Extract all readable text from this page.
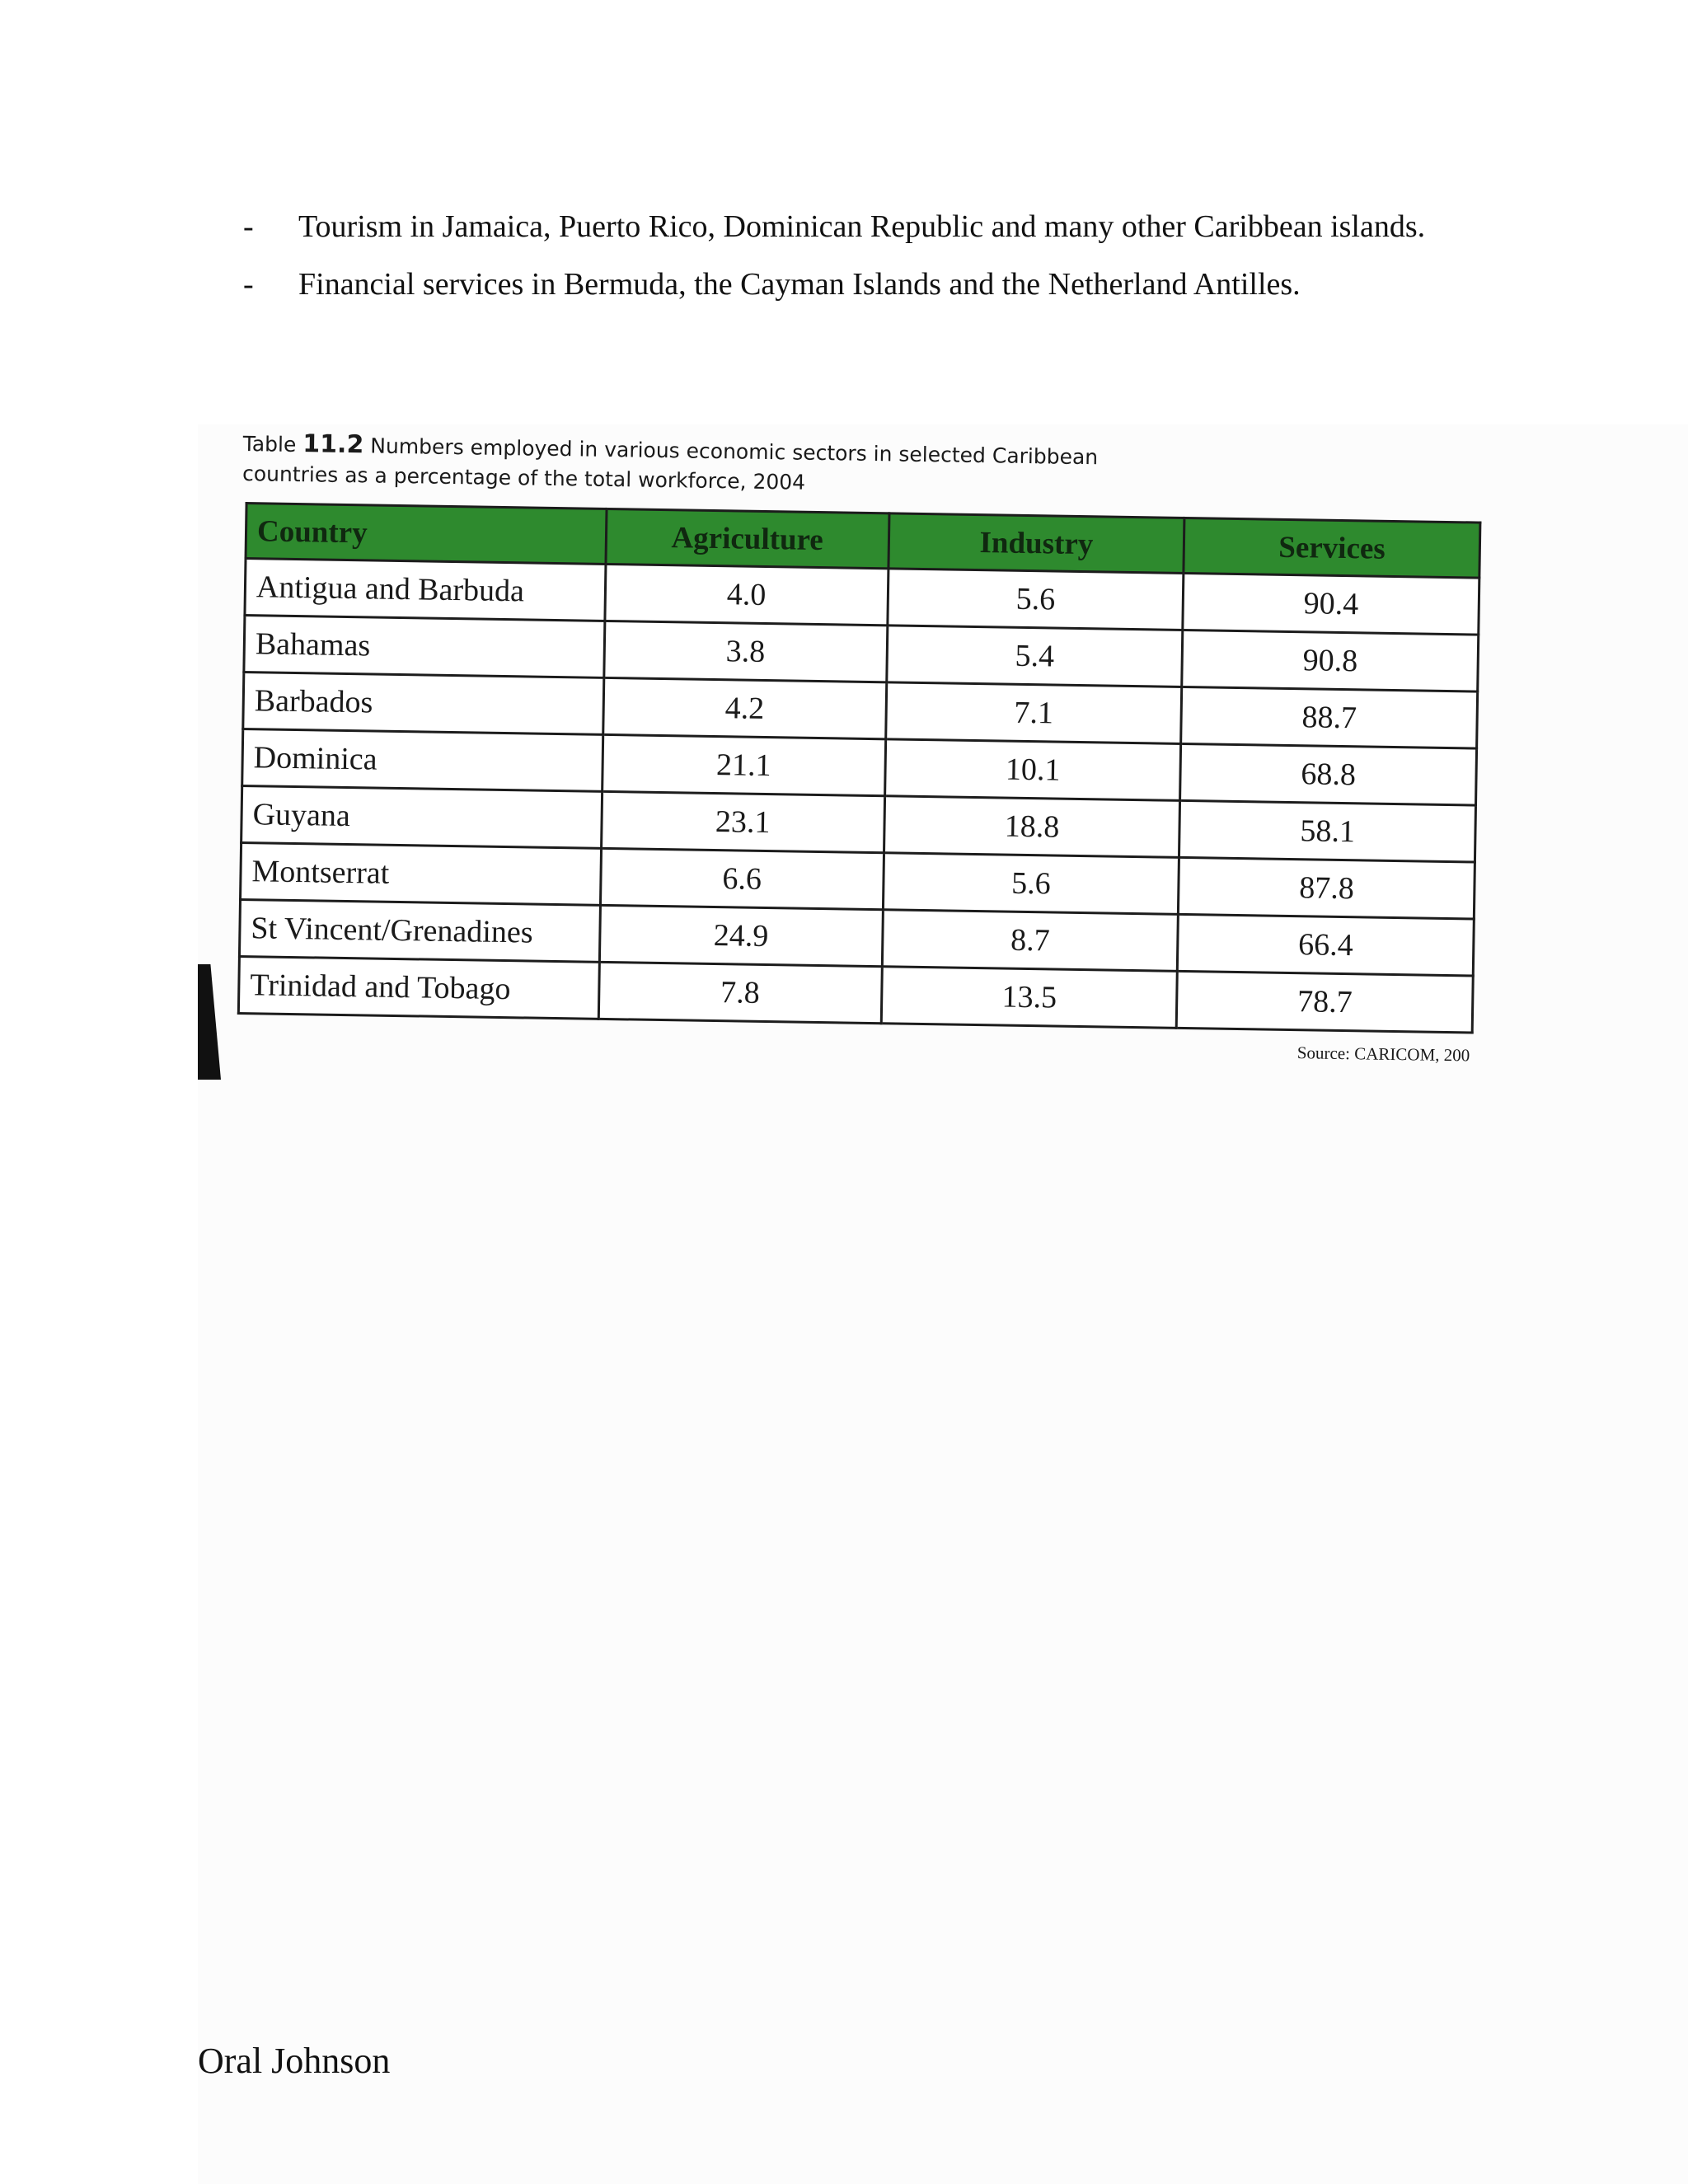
- Tourism in Jamaica, Puerto Rico, Dominican Republic and many other Caribbean islands.
- Financial services in Bermuda, the Cayman Islands and the Netherland Antilles.
Table 11.2 Numbers employed in various economic sectors in selected Caribbean countries as a percentage of the total workforce, 2004
Country	Agriculture	Industry	Services
Antigua and Barbuda	4.0	5.6	90.4
Bahamas	3.8	5.4	90.8
Barbados	4.2	7.1	88.7
Dominica	21.1	10.1	68.8
Guyana	23.1	18.8	58.1
Montserrat	6.6	5.6	87.8
St Vincent/Grenadines	24.9	8.7	66.4
Trinidad and Tobago	7.8	13.5	78.7
Source: CARICOM, 200
Oral Johnson
